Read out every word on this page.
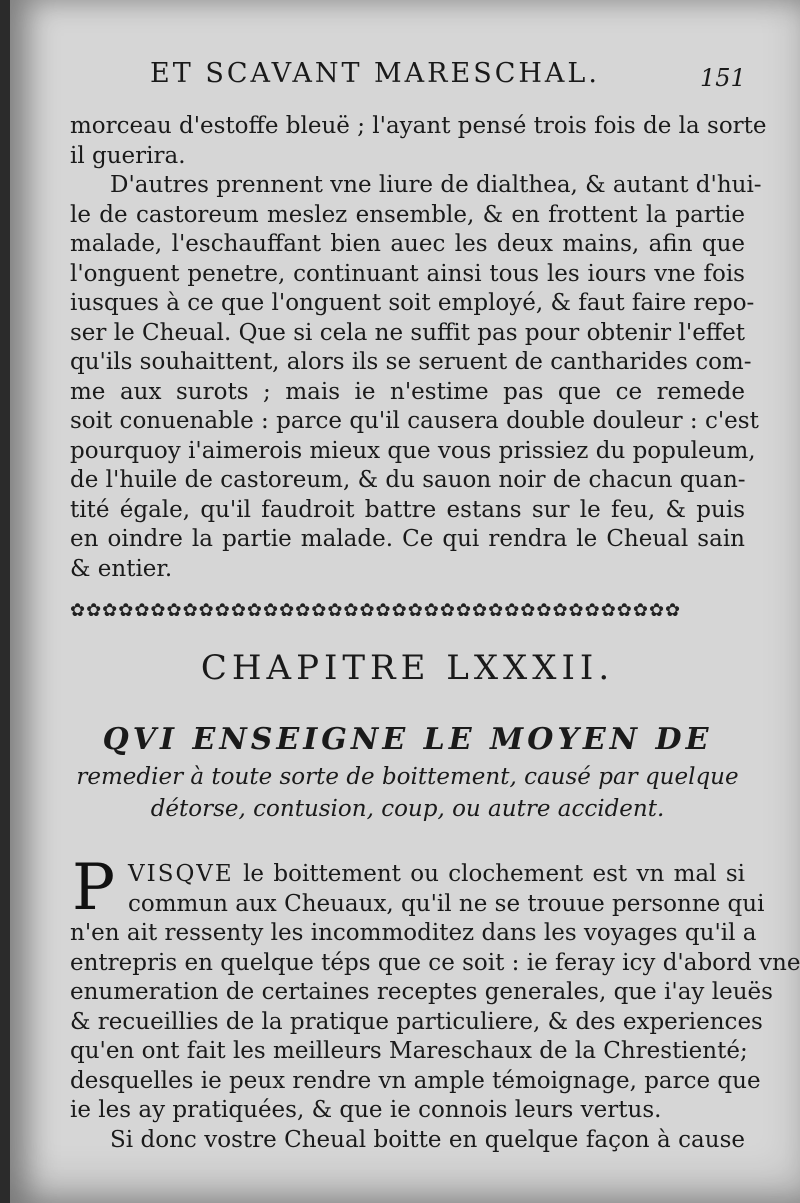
ET SCAVANT MARESCHAL.	151
morceau d'estoffe bleuë ; l'ayant pensé trois fois de la sorte
il guerira.
D'autres prennent vne liure de dialthea, & autant d'hui-
le de castoreum meslez ensemble, & en frottent la partie
malade, l'eschauffant bien auec les deux mains, afin que
l'onguent penetre, continuant ainsi tous les iours vne fois
iusques à ce que l'onguent soit employé, & faut faire repo-
ser le Cheual. Que si cela ne suffit pas pour obtenir l'effet
qu'ils souhaittent, alors ils se seruent de cantharides com-
me aux surots ; mais ie n'estime pas que ce remede
soit conuenable : parce qu'il causera double douleur : c'est
pourquoy i'aimerois mieux que vous prissiez du populeum,
de l'huile de castoreum, & du sauon noir de chacun quan-
tité égale, qu'il faudroit battre estans sur le feu, & puis
en oindre la partie malade. Ce qui rendra le Cheual sain
& entier.
✿✿✿✿✿✿✿✿✿✿✿✿✿✿✿✿✿✿✿✿✿✿✿✿✿✿✿✿✿✿✿✿✿✿✿✿✿✿
CHAPITRE LXXXII.
QVI ENSEIGNE LE MOYEN DE
remedier à toute sorte de boittement, causé par quelque
détorse, contusion, coup, ou autre accident.
P VISQVE le boittement ou clochement est vn mal si
commun aux Cheuaux, qu'il ne se trouue personne qui
n'en ait ressenty les incommoditez dans les voyages qu'il a
entrepris en quelque téps que ce soit : ie feray icy d'abord vne
enumeration de certaines receptes generales, que i'ay leuës
& recueillies de la pratique particuliere, & des experiences
qu'en ont fait les meilleurs Mareschaux de la Chrestienté;
desquelles ie peux rendre vn ample témoignage, parce que
ie les ay pratiquées, & que ie connois leurs vertus.
Si donc vostre Cheual boitte en quelque façon à cause
